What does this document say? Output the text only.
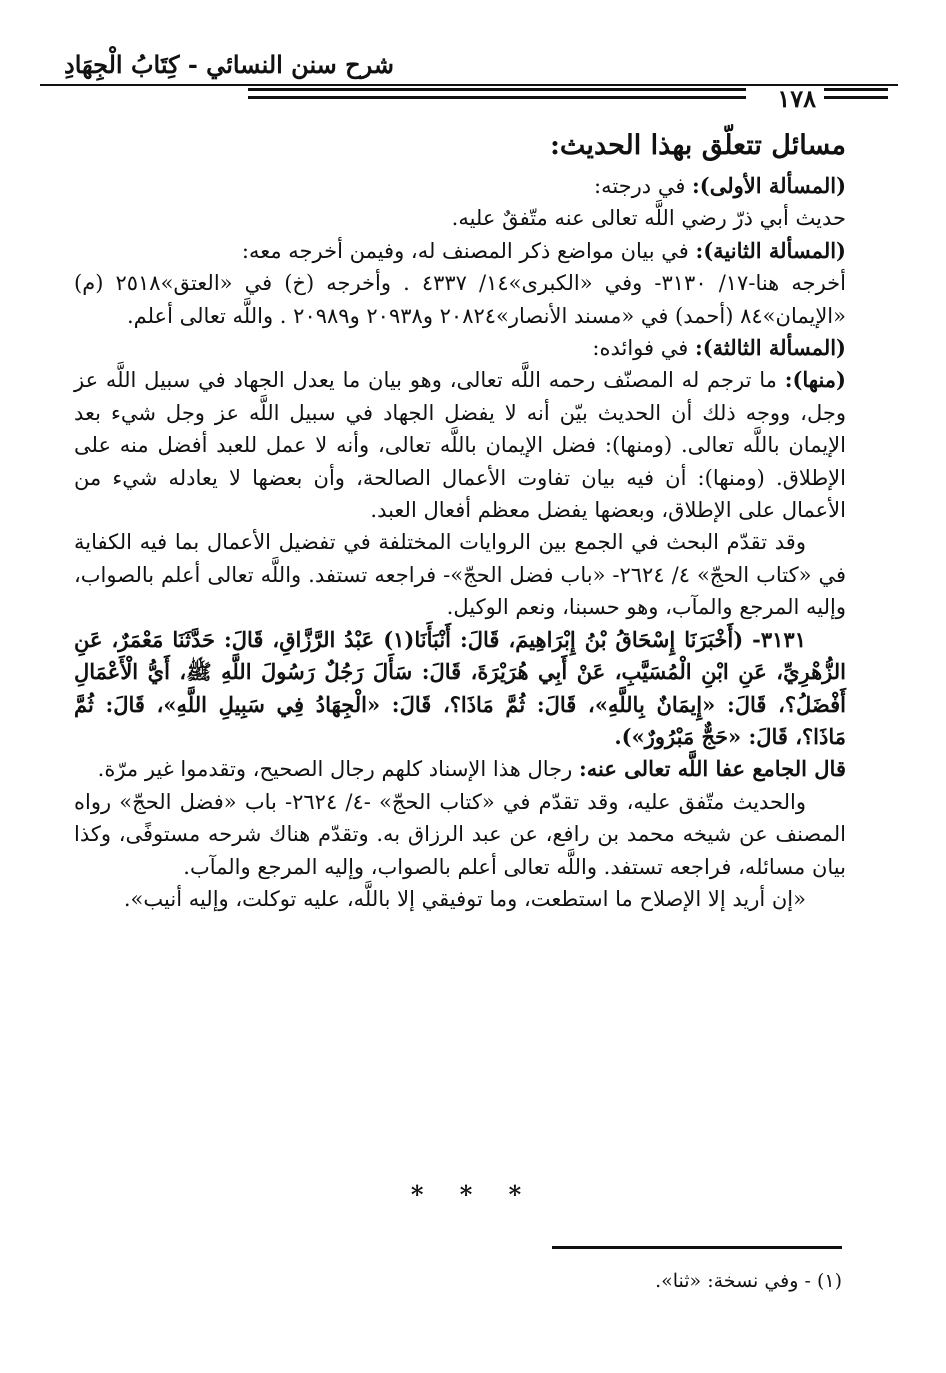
شرح سنن النسائي - كِتَابُ الْجِهَادِ
١٧٨
مسائل تتعلّق بهذا الحديث:

(المسألة الأولى): في درجته:

حديث أبي ذرّ رضي اللَّه تعالى عنه متّفقٌ عليه.

(المسألة الثانية): في بيان مواضع ذكر المصنف له، وفيمن أخرجه معه:

أخرجه هنا-١٧/ ٣١٣٠- وفي «الكبرى»١٤/ ٤٣٣٧ . وأخرجه (خ) في «العتق»٢٥١٨ (م) «الإيمان»٨٤ (أحمد) في «مسند الأنصار»٢٠٨٢٤ و٢٠٩٣٨ و٢٠٩٨٩ . واللَّه تعالى أعلم.

(المسألة الثالثة): في فوائده:

(منها): ما ترجم له المصنّف رحمه اللَّه تعالى، وهو بيان ما يعدل الجهاد في سبيل اللَّه عز وجل، ووجه ذلك أن الحديث بيّن أنه لا يفضل الجهاد في سبيل اللَّه عز وجل شيء بعد الإيمان باللَّه تعالى. (ومنها): فضل الإيمان باللَّه تعالى، وأنه لا عمل للعبد أفضل منه على الإطلاق. (ومنها): أن فيه بيان تفاوت الأعمال الصالحة، وأن بعضها لا يعادله شيء من الأعمال على الإطلاق، وبعضها يفضل معظم أفعال العبد.

وقد تقدّم البحث في الجمع بين الروايات المختلفة في تفضيل الأعمال بما فيه الكفاية في «كتاب الحجّ» ٤/ ٢٦٢٤- «باب فضل الحجّ»- فراجعه تستفد. واللَّه تعالى أعلم بالصواب، وإليه المرجع والمآب، وهو حسبنا، ونعم الوكيل.

٣١٣١- (أَخْبَرَنَا إِسْحَاقُ بْنُ إِبْرَاهِيمَ، قَالَ: أَنْبَأَنَا(١) عَبْدُ الرَّزَّاقِ، قَالَ: حَدَّثَنَا مَعْمَرٌ، عَنِ الزُّهْرِيِّ، عَنِ ابْنِ الْمُسَيَّبِ، عَنْ أَبِي هُرَيْرَةَ، قَالَ: سَأَلَ رَجُلٌ رَسُولَ اللَّهِ ﷺ، أَيُّ الْأَعْمَالِ أَفْضَلُ؟، قَالَ: «إِيمَانٌ بِاللَّهِ»، قَالَ: ثُمَّ مَاذَا؟، قَالَ: «الْجِهَادُ فِي سَبِيلِ اللَّهِ»، قَالَ: ثُمَّ مَاذَا؟، قَالَ: «حَجٌّ مَبْرُورٌ»).

قال الجامع عفا اللَّه تعالى عنه: رجال هذا الإسناد كلهم رجال الصحيح، وتقدموا غير مرّة.

والحديث متّفق عليه، وقد تقدّم في «كتاب الحجّ» -٤/ ٢٦٢٤- باب «فضل الحجّ» رواه المصنف عن شيخه محمد بن رافع، عن عبد الرزاق به. وتقدّم هناك شرحه مستوفًى، وكذا بيان مسائله، فراجعه تستفد. واللَّه تعالى أعلم بالصواب، وإليه المرجع والمآب.

«إن أريد إلا الإصلاح ما استطعت، وما توفيقي إلا باللَّه، عليه توكلت، وإليه أنيب».

* * *
(١) - وفي نسخة: «ثنا».
